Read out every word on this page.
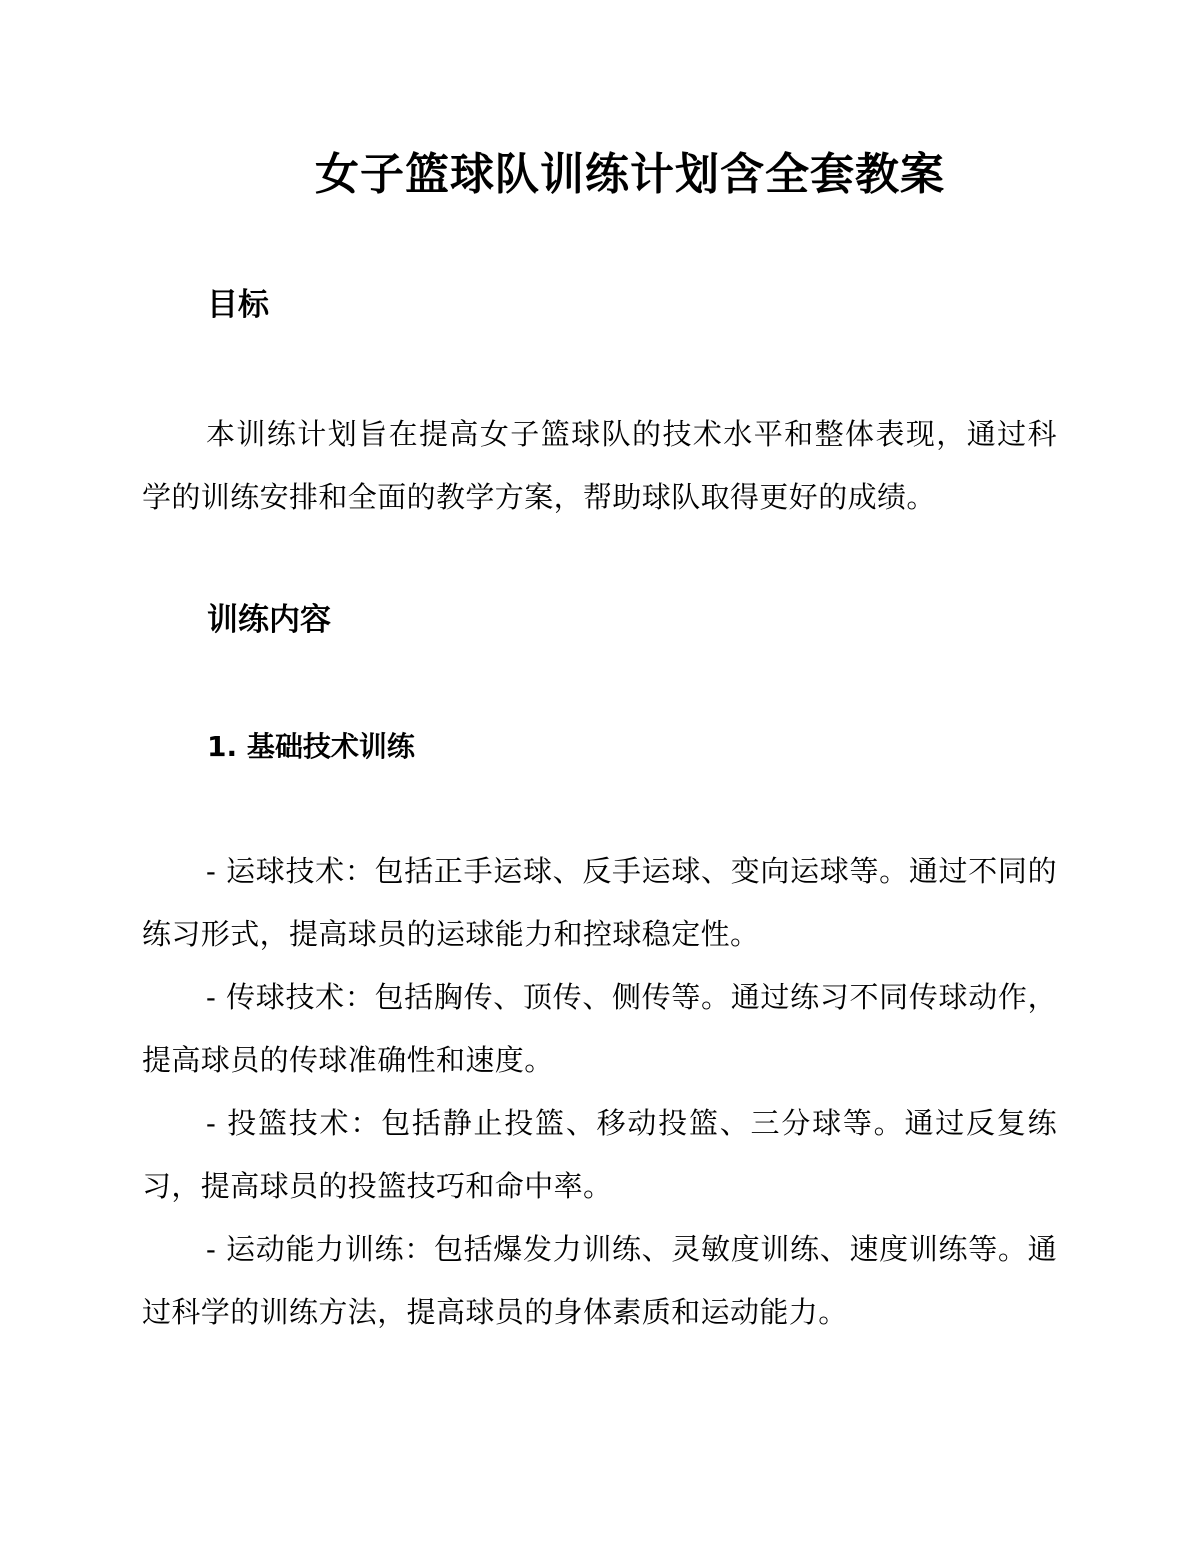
女子篮球队训练计划含全套教案
目标

本训练计划旨在提高女子篮球队的技术水平和整体表现，通过科学的训练安排和全面的教学方案，帮助球队取得更好的成绩。

训练内容
1. 基础技术训练

- 运球技术：包括正手运球、反手运球、变向运球等。通过不同的练习形式，提高球员的运球能力和控球稳定性。

- 传球技术：包括胸传、顶传、侧传等。通过练习不同传球动作，提高球员的传球准确性和速度。

- 投篮技术：包括静止投篮、移动投篮、三分球等。通过反复练习，提高球员的投篮技巧和命中率。

- 运动能力训练：包括爆发力训练、灵敏度训练、速度训练等。通过科学的训练方法，提高球员的身体素质和运动能力。
